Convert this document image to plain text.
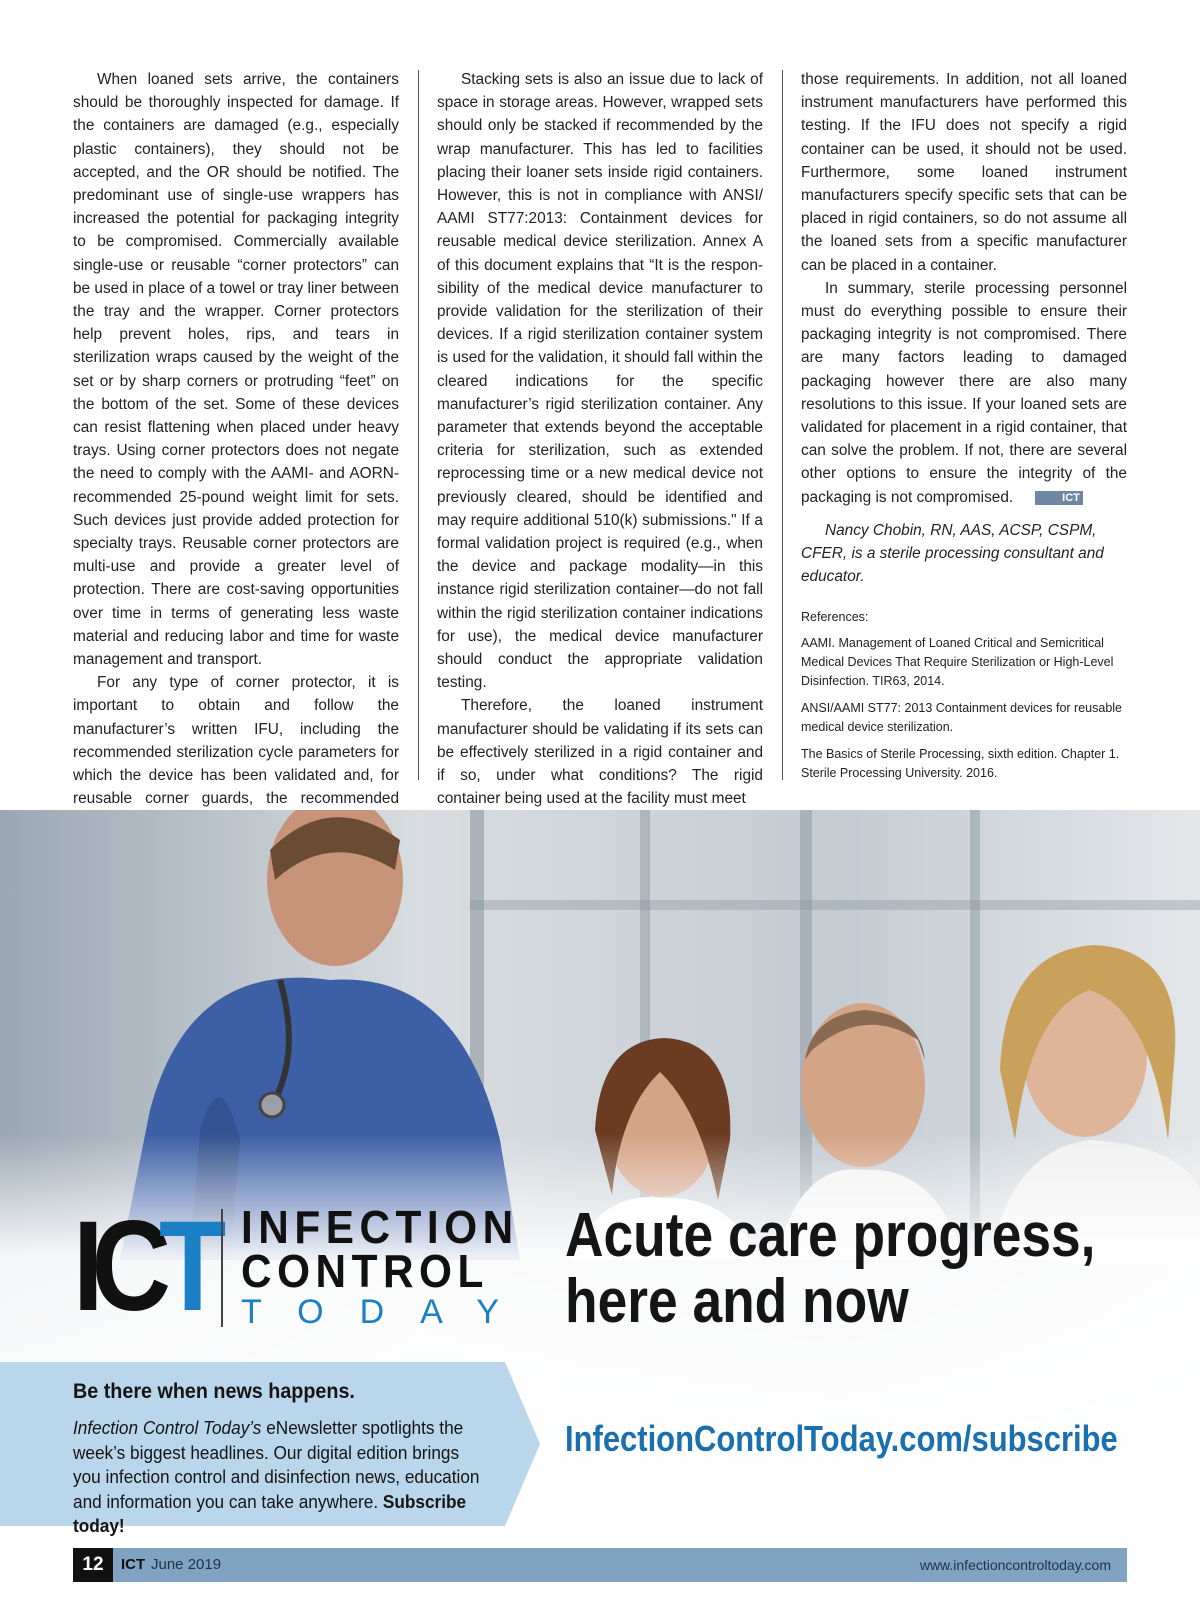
When loaned sets arrive, the containers should be thoroughly inspected for damage. If the containers are damaged (e.g., especially plastic containers), they should not be accepted, and the OR should be notified. The predominant use of single-use wrappers has increased the potential for packaging integrity to be compromised. Commercially available single-use or reusable “corner protectors” can be used in place of a towel or tray liner between the tray and the wrapper. Corner protectors help prevent holes, rips, and tears in sterilization wraps caused by the weight of the set or by sharp corners or protruding “feet” on the bottom of the set. Some of these devices can resist flattening when placed under heavy trays. Using corner protectors does not negate the need to comply with the AAMI- and AORN-recommended 25-pound weight limit for sets. Such devices just provide added protection for specialty trays. Reusable corner protectors are multi-use and provide a greater level of protection. There are cost-saving opportunities over time in terms of generating less waste material and reducing labor and time for waste management and transport.

For any type of corner protector, it is important to obtain and follow the manufacturer’s written IFU, including the recommended sterilization cycle parameters for which the device has been validated and, for reusable corner guards, the recommended

Stacking sets is also an issue due to lack of space in storage areas. However, wrapped sets should only be stacked if recommended by the wrap manufacturer. This has led to facilities placing their loaner sets inside rigid containers. However, this is not in compliance with ANSI/ AAMI ST77:2013: Containment devices for reusable medical device sterilization. Annex A of this document explains that “It is the respon-sibility of the medical device manufacturer to provide validation for the sterilization of their devices. If a rigid sterilization container system is used for the validation, it should fall within the cleared indications for the specific manufacturer’s rigid sterilization container. Any parameter that extends beyond the acceptable criteria for sterilization, such as extended reprocessing time or a new medical device not previously cleared, should be identified and may require additional 510(k) submissions." If a formal validation project is required (e.g., when the device and package modality—in this instance rigid sterilization container—do not fall within the rigid sterilization container indications for use), the medical device manufacturer should conduct the appropriate validation testing.

Therefore, the loaned instrument manufacturer should be validating if its sets can be effectively sterilized in a rigid container and if so, under what conditions? The rigid container being used at the facility must meet

those requirements. In addition, not all loaned instrument manufacturers have performed this testing. If the IFU does not specify a rigid container can be used, it should not be used. Furthermore, some loaned instrument manufacturers specify specific sets that can be placed in rigid containers, so do not assume all the loaned sets from a specific manufacturer can be placed in a container.

In summary, sterile processing personnel must do everything possible to ensure their packaging integrity is not compromised. There are many factors leading to damaged packaging however there are also many resolutions to this issue. If your loaned sets are validated for placement in a rigid container, that can solve the problem. If not, there are several other options to ensure the integrity of the packaging is not compromised.	ICT

Nancy Chobin, RN, AAS, ACSP, CSPM, CFER, is a sterile processing consultant and educator.

References:

AAMI. Management of Loaned Critical and Semicritical Medical Devices That Require Sterilization or High-Level Disinfection. TIR63, 2014.

ANSI/AAMI ST77: 2013 Containment devices for reusable medical device sterilization.

The Basics of Sterile Processing, sixth edition. Chapter 1. Sterile Processing University. 2016.

ICT INFECTION
CONTROL
TODAY
Acute care progress,
here and now
Be there when news happens.
Infection Control Today’s eNewsletter spotlights the week’s biggest headlines. Our digital edition brings you infection control and disinfection news, education and information you can take anywhere. Subscribe today!
InfectionControlToday.com/subscribe
12	ICT June 2019	www.infectioncontroltoday.com
